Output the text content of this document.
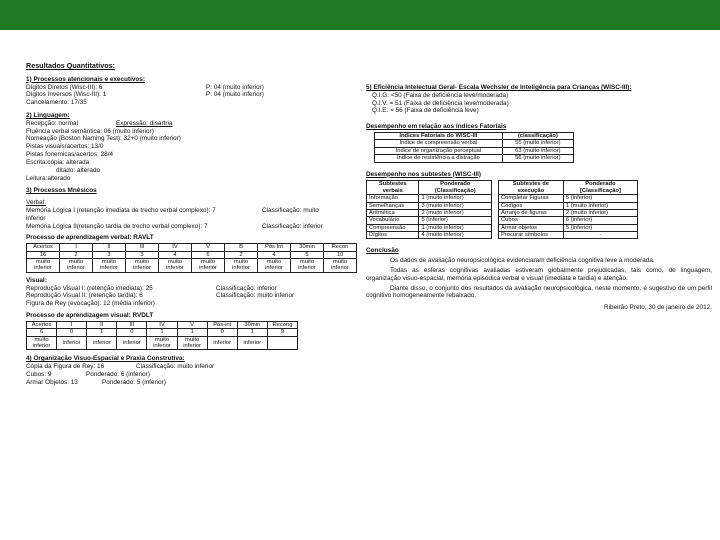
Resultados Quantitativos:
1) Processos atencionais e executivos:
Dígitos Diretos (Wisc-III): 6	P: 04 (muito inferior)
Dígitos Inversos (Wisc-III): 1	P: 04 (muito inferior)
Cancelamento: 17/35
2) Linguagem:
Recepção: normal	Expressão: disartria
Fluência verbal semântica: 06 (muito inferior)
Nomeação (Boston Naming Test): 32+0 (muito inferior)
Pistas visuais/acertos: 13/0
Pistas fonemicas/acertos: 28/4
Escrita:cópia: alterada
ditado: alterado
Leitura:alterado
3) Processos Mnêsicos
Verbal:
Memória Lógica I (retenção imediata de trecho verbal complexo): 7	Classificação: muito
inferior
Memória Lógica II(retenção tardia de trecho verbal complexo): 7	Classificação: inferior
Processo de aprendizagem verbal: RAVLT
Acertos	I	II	III	IV	V	B	Pós Int	30min	Recon
16	2	3	3	4	6	2	4	5	10
muito inferior	muito inferior	muito inferior	muito inferior	muito inferior	muito inferior	muito inferior	muito inferior	muito inferior	muito inferior
Visual:
Reprodução Visual I: (retenção imediata): 25	Classificação: inferior
Reprodução Visual II: (retenção tardia): 6	Classificação: muito inferior
Figura de Rey (evocação): 12 (média inferior)
Processo de aprendizagem visual: RVDLT
Acertos	I	II	III	IV	V	Pós-int	30min	Recong
6	0	1	0	1	1	0	1	9
muito inferior	inferior	inferior	inferior	muito inferior	muito inferior	inferior	inferior	
4) Organização Visuo-Espacial e Praxia Construtiva:
Cópia da Figura de Rey: 16	Classificação: muito inferior
Cubos: 9	Ponderado: 6 (inferior)
Armar Objetos: 13	Ponderado: 5 (inferior)
5) Eficiência Intelectual Geral- Escala Wechsler de Inteligência para Crianças (WISC-III):
Q.I.G. <50 (Faixa de deficiência leve/moderada)
Q.I.V. = 51 (Faixa de deficiência leve/moderada)
Q.I.E. = 56 (Faixa de deficiência leve)
Desempenho em relação aos índices Fatoriais
Índices Fatoriais do WISC-III	(classificação)
Índice de compreensão verbal	55 (muito inferior)
Índice de organização perceptual	63 (muito inferior)
Índice de resistência a distração	56 (muito inferior)
Desempenho nos subtestes (WISC-III)
Subtestes verbais	Ponderado (Classificação)
Informação	1 (muito inferior)
Semelhanças	3 (muito inferior)
Aritmética	2 (muito inferior)
Vocabulário	5 (inferior)
Compreensão	1 (muito inferior)
Dígitos	4 (muito inferior)
Subtestes de execução	Ponderado [Classificação]
Completar Figuras	5 (inferior)
Códigos	1 (muito inferior)
Arranjo de figuras	2 (muito inferior)
Cubos	6 (inferior)
Armar objetos	5 (inferior)
Procurar símbolos	-
Conclusão
Os dados de avaliação neuropsicológica evidenciaram deficiência cognitiva leve à moderada.
Todas as esferas cognitivas avaliadas estiveram globalmente prejudicadas, tais como, de linguagem, organização visuo-espacial, memória episódica verbal e visual (imediata e tardia) e atenção.
Diante disso, o conjunto dos resultados da avaliação neuropsicológica, neste momento, é sugestivo de um perfil cognitivo homogeneamente rebaixado.
Ribeirão Preto, 30 de janeiro de 2012.
